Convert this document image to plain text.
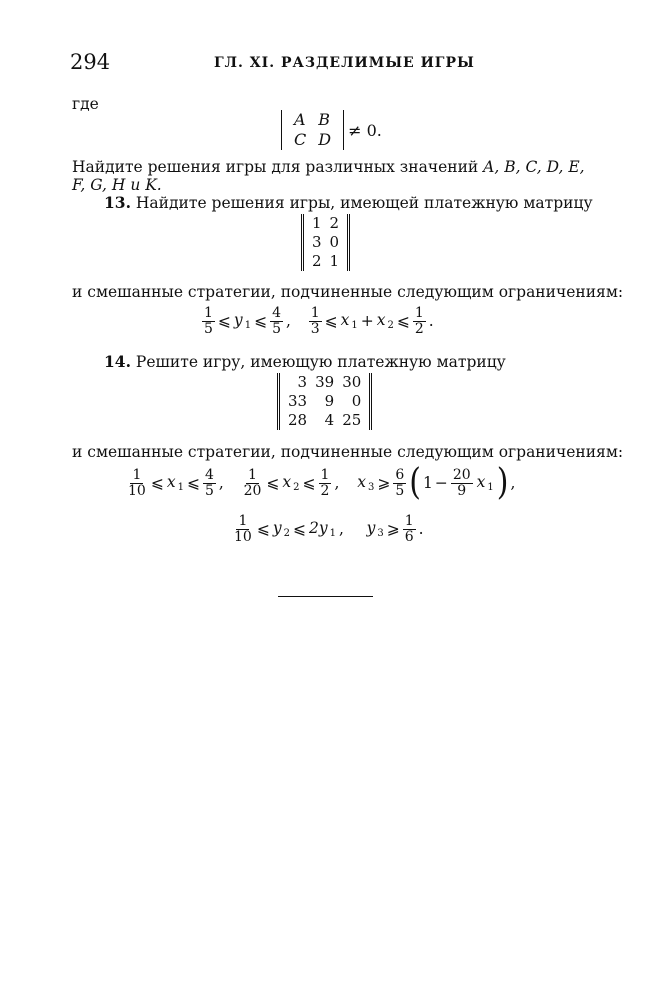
294	ГЛ. XI. РАЗДЕЛИМЫЕ ИГРЫ
где
A	B
C	D ≠ 0.
Найдите решения игры для различных значений A, B, C, D, E,
F, G, H и K.
13. Найдите решения игры, имеющей платежную матрицу
1	2
3	0
2	1
и смешанные стратегии, подчиненные следующим ограничениям:
$\frac{1}{5}$ ⩽ y $_1$ ⩽ $\frac{4}{5}$ , $\frac{1}{3}$ ⩽ x $_1$ + x $_2$ ⩽ $\frac{1}{2}$ .
14. Решите игру, имеющую платежную матрицу
3	39	30
33	9	0
28	4	25
и смешанные стратегии, подчиненные следующим ограничениям:
$\frac{1}{10}$ ⩽ x $_1$ ⩽ $\frac{4}{5}$ , $\frac{1}{20}$ ⩽ x $_2$ ⩽ $\frac{1}{2}$ , x $_3$ ⩾ $\frac{6}{5}$ ( $1 - \frac{20}{9}$ x $_1$ ) ,
$\frac{1}{10}$ ⩽ y $_2$ ⩽ 2y $_1$ , y $_3$ ⩾ $\frac{1}{6}$ .
